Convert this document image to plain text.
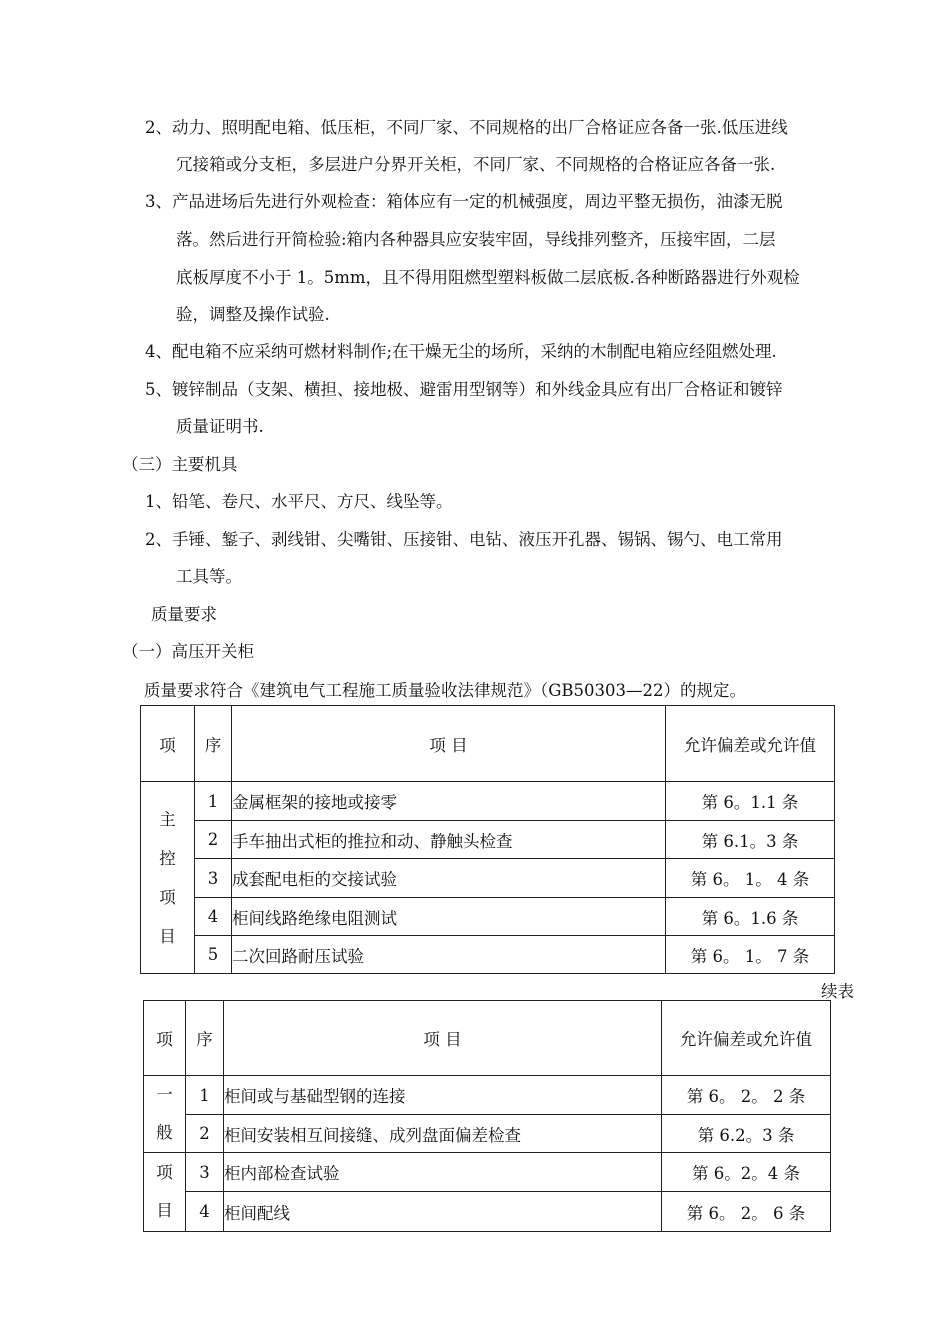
2、动力、照明配电箱、低压柜，不同厂家、不同规格的出厂合格证应各备一张.低压进线
冗接箱或分支柜，多层进户分界开关柜，不同厂家、不同规格的合格证应各备一张.
3、产品进场后先进行外观检查：箱体应有一定的机械强度，周边平整无损伤，油漆无脱
落。然后进行开简检验:箱内各种器具应安装牢固，导线排列整齐，压接牢固，二层
底板厚度不小于 1。5mm，且不得用阻燃型塑料板做二层底板.各种断路器进行外观检
验，调整及操作试验.
4、配电箱不应采纳可燃材料制作;在干燥无尘的场所，采纳的木制配电箱应经阻燃处理.
5、镀锌制品（支架、横担、接地极、避雷用型钢等）和外线金具应有出厂合格证和镀锌
质量证明书.
（三）主要机具
1、铅笔、卷尺、水平尺、方尺、线坠等。
2、手锤、錾子、剥线钳、尖嘴钳、压接钳、电钻、液压开孔器、锡锅、锡勺、电工常用
工具等。
质量要求
（一）高压开关柜
质量要求符合《建筑电气工程施工质量验收法律规范》（GB50303—22）的规定。
项	序	项 目	允许偏差或允许值

主
控
项
目	1	金属框架的接地或接零	第 6。1.1 条
	2	手车抽出式柜的推拉和动、静触头检查	第 6.1。3 条
	3	成套配电柜的交接试验	第 6。 1。 4 条
	4	柜间线路绝缘电阻测试	第 6。1.6 条
	5	二次回路耐压试验	第 6。 1。 7 条
续表
项	序	项 目	允许偏差或允许值

一
般	1	柜间或与基础型钢的连接	第 6。 2。 2 条
	2	柜间安装相互间接缝、成列盘面偏差检查	第 6.2。3 条

项
目	3	柜内部检查试验	第 6。2。4 条
	4	柜间配线	第 6。 2。 6 条
